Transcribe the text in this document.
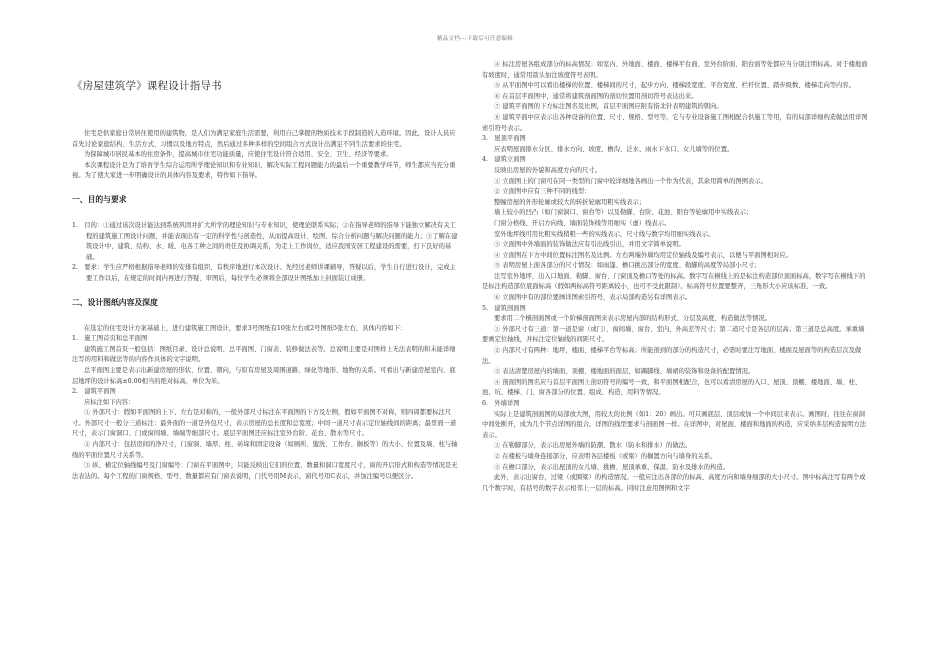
精品文档---下载后可任意编辑
《房屋建筑学》课程设计指导书

住宅是供家庭日常居住使用的建筑物，是人们为满足家庭生活需要，利用自己掌握的物质技术手段制造的人造环境。因此，设计人员应首先讨论家庭结构、生活方式、习惯以及地方特点，然后通过多种多样的空间组合方式设计出满足不同生活要求的住宅。

为保障城市居民基本的住房条件，提高城市住宅功能质量，应使住宅设计符合适用、安全、卫生、经济等要求。

本次课程设计是为了培育学生综合运用所学理论知识和专业知识，解决实际工程问题能力的最后一个重要教学环节，师生都应当充分重视。为了使大家进一步明确设计的具体内容及要求，特作如下指导。

一、目的与要求

1.　目的：①通过该次设计能达到系统巩固并扩大所学的理论知识与专业知识，使理论联系实际；②在指导老师的指导下能独立解决有关工程的建筑施工图设计问题，并能表现出有一定的科学性与创造性，从而提高设计、绘图、综合分析问题与解决问题的能力；③了解在建筑设计中，建筑、结构、水、暖、电各工种之间的责任及协调关系，为走上工作岗位，适应我国安居工程建设的需要，打下良好的基础。

2.　要求：学生应严格根据指导老师的安排有组织、有秩序地进行本次设计。先经过老师讲课辅导，答疑以后，学生自行进行设计，完成主要工作以后，在规定的时间内再进行答疑、审图后，每位学生必须将全部设计图纸加上封面装订成册。

二、设计图纸内容及深度

在选定的住宅设计方案基础上，进行建筑施工图设计，要求3号图纸有10张左右或2号图纸5张左右，具体内容如下：

1.　施工图首页和总平面图

建筑施工图首页一般包括：图纸目录、设计总说明、总平面图、门窗表、装修做法表等。总说明主要是对图样上无法表明的和未能详细注写的用料和做法等的内容作具体的文字说明。

总平面图主要是表示出新建房屋的形状、位置、朝向，与原有房屋及周围道路、绿化等地形、地物的关系。可看出与新建房屋室内、底层地坪的设计标高±0.00相当的绝对标高，单位为米。

2.　建筑平面图

应标注如下内容：

① 外部尺寸：假如平面图的上下、左右是对称的，一般外部尺寸标注在平面图的下方及左侧，假如平面图不对称，则四周都要标注尺寸。外部尺寸一般分三道标注：最外面的一道是外包尺寸，表示房屋的总长度和总宽度；中间一道尺寸表示定位轴线间的距离；最里面一道尺寸，表示门窗洞口、门或窗间墙、墙端等细部尺寸。底层平面图还应标注室外台阶、花台、散水等尺寸。

② 内部尺寸：包括房间的净尺寸，门窗洞、墙厚、柱、砖垛和固定设备（如厕所、盥洗、工作台、搁板等）的大小、位置及墙、柱与轴线的平面位置尺寸关系等。

③ 纵、横定位轴线编号及门窗编号：门窗在平面图中，只能反映出它们的位置、数量和洞口宽度尺寸，窗的开启形式和构造等情况是无法表达的。每个工程的门窗规格、型号、数量都应有门窗表说明，门代号用M表示，窗代号用C表示，并加注编号以便区分。

④ 标注房屋各组成部分的标高情况：如室内、外地面、楼面、楼梯平台面、室外台阶面、阳台面等处都应当分别注明标高。对于楼地面有坡度时，通常用箭头加注坡度符号表明。

⑤ 从平面图中可以看出楼梯的位置、楼梯间的尺寸，起步方向、楼梯段宽度、平台宽度、栏杆位置、踏步级数、楼梯走向等内容。

⑥ 在首层平面图中，通常将建筑剖面图的剖切位置用剖切符号表达出来。

⑦ 建筑平面图的下方标注图名及比例，首层平面图应附有指北针表明建筑的朝向。

⑧ 建筑平面中应表示出各种设备的位置、尺寸、规格、型号等，它与专业设备施工图相配合供施工等用，有的局部详细构造做法用详图索引符号表示。

3.　屋顶平面图

应表明屋面排水分区、排水方向、坡度、檐沟、泛水、雨水下水口、女儿墙等的位置。

4.　建筑立面图

反映出房屋的外貌和高度方向的尺寸。

① 立面图上的门窗可在同一类型的门窗中较详细地各画出一个作为代表，其余用简单的图例表示。

② 立面图中应有三种不同的线型：

整幢房屋的外形轮廓或较大的转折轮廓用粗实线表示；

墙上较小的凹凸（如门窗洞口、窗台等）以及勒脚、台阶、花池、阳台等轮廓用中实线表示；

门窗分格线、开启方向线、墙面装饰线等用细实（虚）线表示。

室外地坪线可用比粗实线稍粗一些的实线表示，尺寸线与数字均用细实线表示。

③ 立面图中外墙面的装饰做法应有引出线引出，并用文字简单说明。

④ 立面图在下方中间位置标注图名及比例。左右两端外墙均用定位轴线及编号表示，以便与平面图相对应。

⑤ 表明房屋上面各部分的尺寸情况：如雨篷、檐口挑出部分的宽度、勒脚的高度等局部小尺寸；

注写室外地坪、出入口地面、勒脚、窗台、门窗顶及檐口等处的标高。数字写在横线上的是标注构造部位顶面标高，数字写在横线下的是标注构造部位底面标高（假如两标高符号距离较小，也可不受此限制）。标高符号位置要整齐，三角形大小应该标准、一致。

⑥ 立面图中有的部位要画详图索引符号，表示局部构造另有详图表示。

5.　建筑剖面图

要求用二个横剖面图或一个阶梯剖面图来表示房屋内部的结构形式、分层及高度、构造做法等情况。

① 外部尺寸有三道：第一道是窗（或门）、窗间墙、窗台、室内、外高差等尺寸；第二道尺寸是各层的层高；第三道是总高度。承重墙要画定位轴线，并标注定位轴线的间距尺寸。

② 内部尺寸有两种：地坪、楼面、楼梯平台等标高；所能剖到的部分的构造尺寸，必需时要注写地面、楼面及屋面等的构造层次及做法。

③ 表达清楚房屋内的墙面、顶棚、楼地面的面层，如踢脚线、墙裙的装饰和设备的配置情况。

④ 剖面图的图名应与首层平面图上剖切符号的编号一致，和平面图相配合，也可以看清房屋的入口、屋顶、顶棚、楼地面、墙、柱、池、坑、楼梯、门、窗各部分的位置、组成、构造、用料等情况。

6.　外墙详图

实际上是建筑剖面图的局部放大图，用较大的比例（如1：20）画出。可只画底层、顶层或加一个中间层来表示。画图时，往往在窗洞中间处断开，成为几个节点详图的组合。详图的线型要求与剖面图一样。在详图中，对屋面、楼面和地面的构造，应采纳多层构造说明方法表示。

① 在勒脚部分，表示出房屋外墙的防潮、散水（防水和排水）的做法。

② 在楼板与墙身连接部分，应表明各层楼板（或梁）的搁置方向与墙身的关系。

③ 在檐口部分，表示出屋顶的女儿墙、挑檐、屋顶承重、保温、防水及排水的构造。

此外，表示出窗台，过梁（或圈梁）的构造情况。一般应注出各部位的标高、高度方向和墙身细部的大小尺寸。图中标高注写有两个或几个数字时，有括号的数字表示相邻上一层的标高。同时注意用图例和文字
